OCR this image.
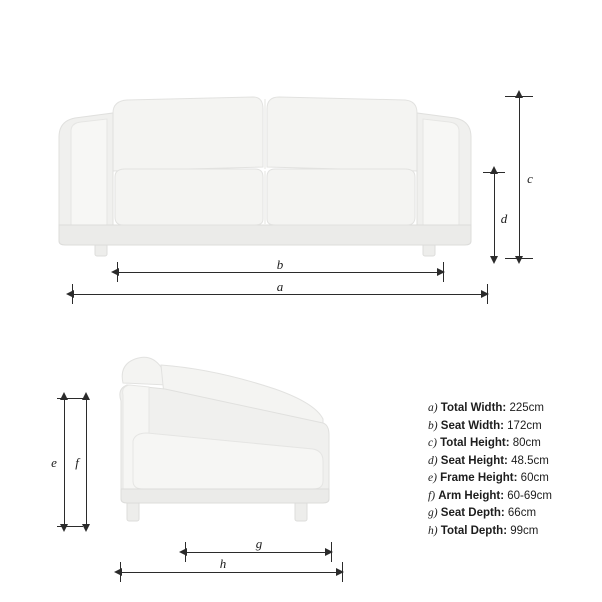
c
d
b
a
e	f
g
h
a) Total Width: 225cm
b) Seat Width: 172cm
c) Total Height: 80cm
d) Seat Height: 48.5cm
e) Frame Height: 60cm
f) Arm Height: 60-69cm
g) Seat Depth: 66cm
h) Total Depth: 99cm
